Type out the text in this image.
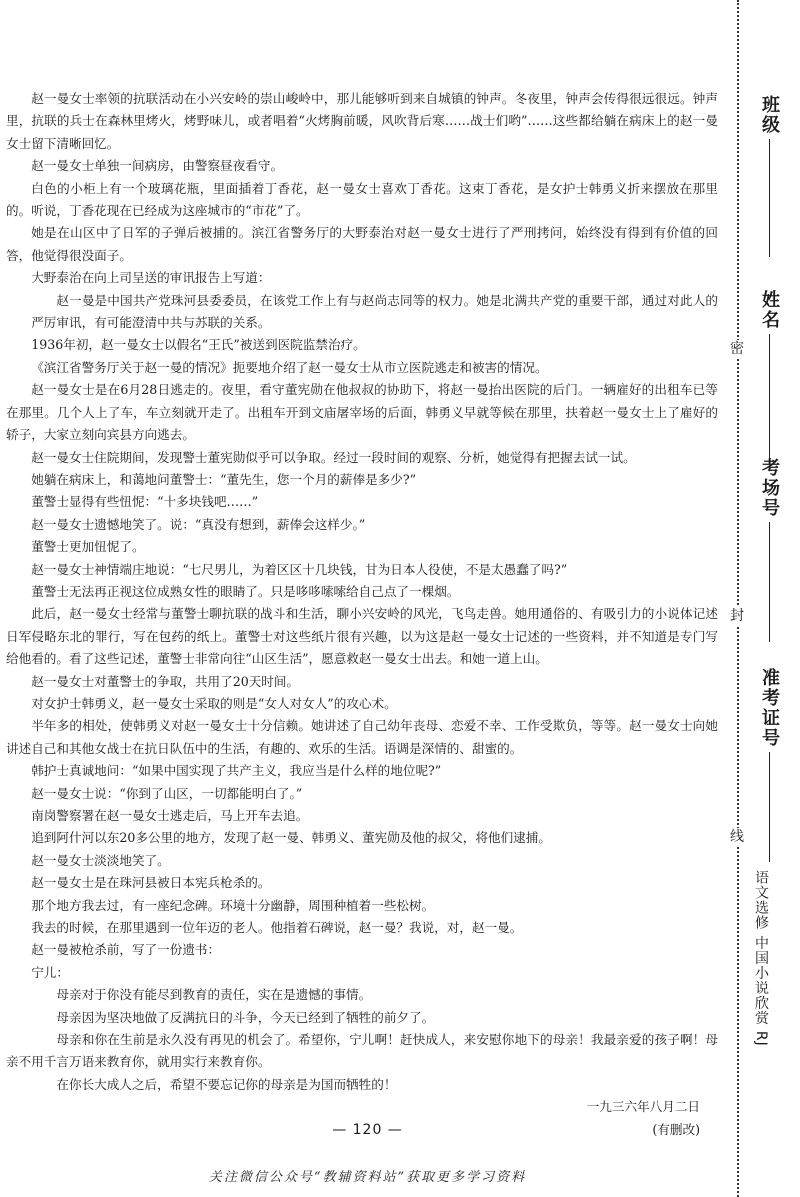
赵一曼女士率领的抗联活动在小兴安岭的崇山峻岭中，那儿能够听到来自城镇的钟声。冬夜里，钟声会传得很远很远。钟声里，抗联的兵士在森林里烤火，烤野味儿，或者唱着“火烤胸前暖，风吹背后寒……战士们哟”……这些都给躺在病床上的赵一曼女士留下清晰回忆。

赵一曼女士单独一间病房，由警察昼夜看守。

白色的小柜上有一个玻璃花瓶，里面插着丁香花，赵一曼女士喜欢丁香花。这束丁香花，是女护士韩勇义折来摆放在那里的。听说，丁香花现在已经成为这座城市的“市花”了。

她是在山区中了日军的子弹后被捕的。滨江省警务厅的大野泰治对赵一曼女士进行了严刑拷问，始终没有得到有价值的回答，他觉得很没面子。

大野泰治在向上司呈送的审讯报告上写道：

赵一曼是中国共产党珠河县委委员，在该党工作上有与赵尚志同等的权力。她是北满共产党的重要干部，通过对此人的严厉审讯，有可能澄清中共与苏联的关系。

1936年初，赵一曼女士以假名“王氏”被送到医院监禁治疗。

《滨江省警务厅关于赵一曼的情况》扼要地介绍了赵一曼女士从市立医院逃走和被害的情况。

赵一曼女士是在6月28日逃走的。夜里，看守董宪勋在他叔叔的协助下，将赵一曼抬出医院的后门。一辆雇好的出租车已等在那里。几个人上了车，车立刻就开走了。出租车开到文庙屠宰场的后面，韩勇义早就等候在那里，扶着赵一曼女士上了雇好的轿子，大家立刻向宾县方向逃去。

赵一曼女士住院期间，发现警士董宪勋似乎可以争取。经过一段时间的观察、分析，她觉得有把握去试一试。

她躺在病床上，和蔼地问董警士：“董先生，您一个月的薪俸是多少?”

董警士显得有些忸怩：“十多块钱吧……”

赵一曼女士遗憾地笑了。说：“真没有想到，薪俸会这样少。”

董警士更加忸怩了。

赵一曼女士神情端庄地说：“七尺男儿，为着区区十几块钱，甘为日本人役使，不是太愚蠢了吗?”

董警士无法再正视这位成熟女性的眼睛了。只是哆哆嗦嗦给自己点了一棵烟。

此后，赵一曼女士经常与董警士聊抗联的战斗和生活，聊小兴安岭的风光，飞鸟走兽。她用通俗的、有吸引力的小说体记述日军侵略东北的罪行，写在包药的纸上。董警士对这些纸片很有兴趣，以为这是赵一曼女士记述的一些资料，并不知道是专门写给他看的。看了这些记述，董警士非常向往“山区生活”，愿意救赵一曼女士出去。和她一道上山。

赵一曼女士对董警士的争取，共用了20天时间。

对女护士韩勇义，赵一曼女士采取的则是“女人对女人”的攻心术。

半年多的相处，使韩勇义对赵一曼女士十分信赖。她讲述了自己幼年丧母、恋爱不幸、工作受欺负，等等。赵一曼女士向她讲述自己和其他女战士在抗日队伍中的生活，有趣的、欢乐的生活。语调是深情的、甜蜜的。

韩护士真诚地问：“如果中国实现了共产主义，我应当是什么样的地位呢?”

赵一曼女士说：“你到了山区，一切都能明白了。”

南岗警察署在赵一曼女士逃走后，马上开车去追。

追到阿什河以东20多公里的地方，发现了赵一曼、韩勇义、董宪勋及他的叔父，将他们逮捕。

赵一曼女士淡淡地笑了。

赵一曼女士是在珠河县被日本宪兵枪杀的。

那个地方我去过，有一座纪念碑。环境十分幽静，周围种植着一些松树。

我去的时候，在那里遇到一位年迈的老人。他指着石碑说，赵一曼？我说，对，赵一曼。

赵一曼被枪杀前，写了一份遗书：

宁儿：

母亲对于你没有能尽到教育的责任，实在是遗憾的事情。

母亲因为坚决地做了反满抗日的斗争，今天已经到了牺牲的前夕了。

母亲和你在生前是永久没有再见的机会了。希望你，宁儿啊！赶快成人，来安慰你地下的母亲！我最亲爱的孩子啊！母亲不用千言万语来教育你，就用实行来教育你。

在你长大成人之后，希望不要忘记你的母亲是为国而牺牲的！

一九三六年八月二日

(有删改)

— 120 —
关注微信公众号“教辅资料站”获取更多学习资料
密
封
线
班级
姓名
考场号
准考证号
语文选修 中国小说欣赏 RJ
